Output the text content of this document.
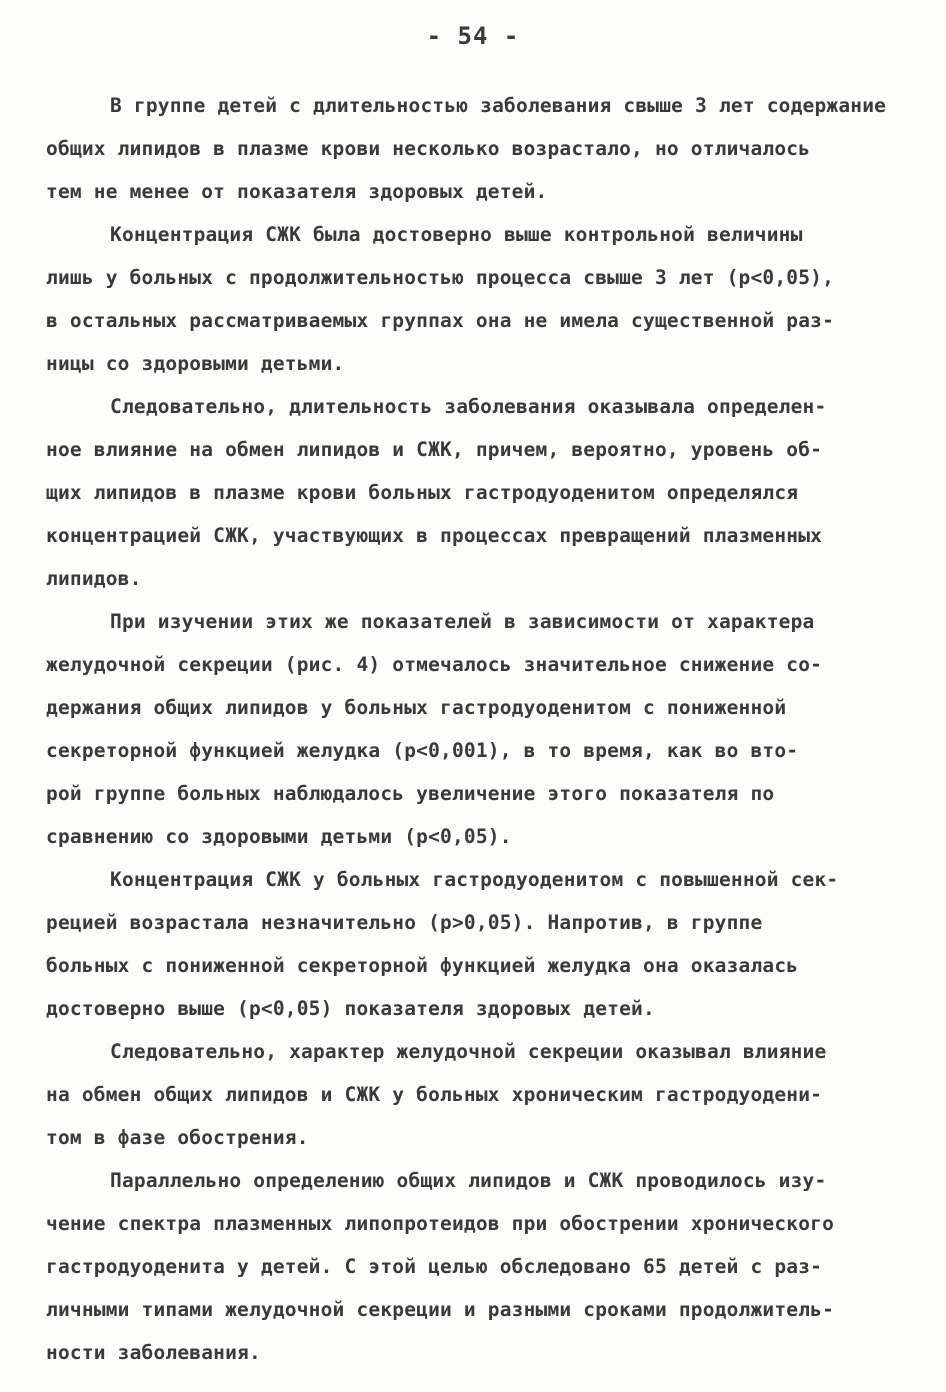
- 54 -
В группе детей с длительностью заболевания свыше 3 лет содержание
общих липидов в плазме крови несколько возрастало, но отличалось
тем не менее от показателя здоровых детей.
Концентрация СЖК была достоверно выше контрольной величины
лишь у больных с продолжительностью процесса свыше 3 лет (р<0,05),
в остальных рассматриваемых группах она не имела существенной раз-
ницы со здоровыми детьми.
Следовательно, длительность заболевания оказывала определен-
ное влияние на обмен липидов и СЖК, причем, вероятно, уровень об-
щих липидов в плазме крови больных гастродуоденитом определялся
концентрацией СЖК, участвующих в процессах превращений плазменных
липидов.
При изучении этих же показателей в зависимости от характера
желудочной секреции (рис. 4) отмечалось значительное снижение со-
держания общих липидов у больных гастродуоденитом с пониженной
секреторной функцией желудка (р<0,001), в то время, как во вто-
рой группе больных наблюдалось увеличение этого показателя по
сравнению со здоровыми детьми (р<0,05).
Концентрация СЖК у больных гастродуоденитом с повышенной сек-
рецией возрастала незначительно (р>0,05). Напротив, в группе
больных с пониженной секреторной функцией желудка она оказалась
достоверно выше (р<0,05) показателя здоровых детей.
Следовательно, характер желудочной секреции оказывал влияние
на обмен общих липидов и СЖК у больных хроническим гастродуодени-
том в фазе обострения.
Параллельно определению общих липидов и СЖК проводилось изу-
чение спектра плазменных липопротеидов при обострении хронического
гастродуоденита у детей. С этой целью обследовано 65 детей с раз-
личными типами желудочной секреции и разными сроками продолжитель-
ности заболевания.
